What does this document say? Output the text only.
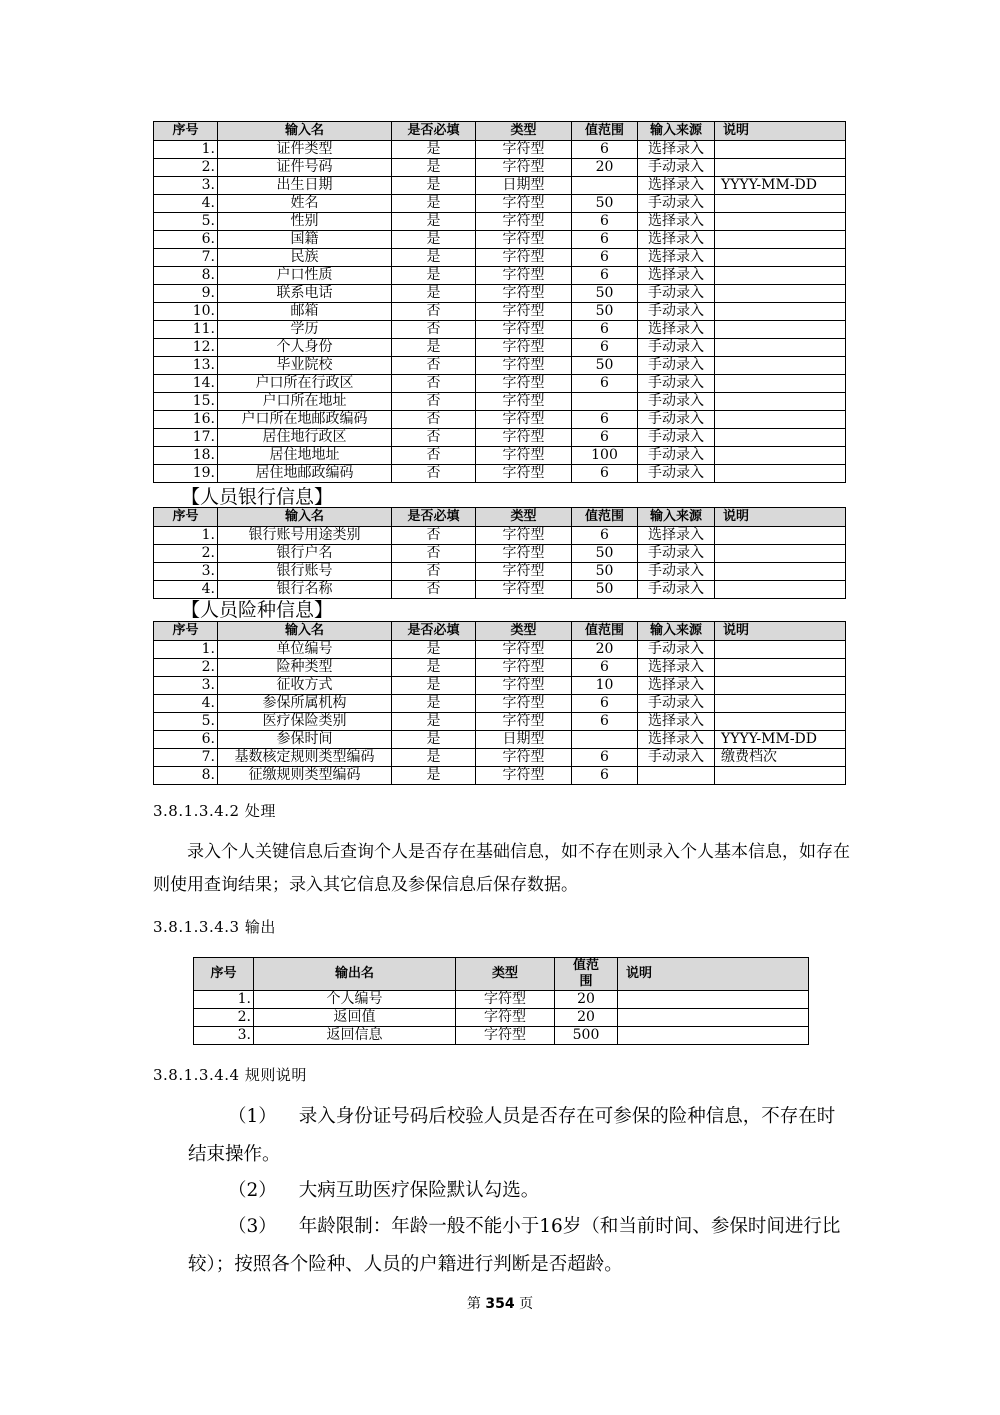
序号	输入名	是否必填	类型	值范围	输入来源	说明
1.	证件类型	是	字符型	6	选择录入	
2.	证件号码	是	字符型	20	手动录入	
3.	出生日期	是	日期型		选择录入	YYYY-MM-DD
4.	姓名	是	字符型	50	手动录入	
5.	性别	是	字符型	6	选择录入	
6.	国籍	是	字符型	6	选择录入	
7.	民族	是	字符型	6	选择录入	
8.	户口性质	是	字符型	6	选择录入	
9.	联系电话	是	字符型	50	手动录入	
10.	邮箱	否	字符型	50	手动录入	
11.	学历	否	字符型	6	选择录入	
12.	个人身份	是	字符型	6	手动录入	
13.	毕业院校	否	字符型	50	手动录入	
14.	户口所在行政区	否	字符型	6	手动录入	
15.	户口所在地址	否	字符型		手动录入	
16.	户口所在地邮政编码	否	字符型	6	手动录入	
17.	居住地行政区	否	字符型	6	手动录入	
18.	居住地地址	否	字符型	100	手动录入	
19.	居住地邮政编码	否	字符型	6	手动录入	
【人员银行信息】
序号	输入名	是否必填	类型	值范围	输入来源	说明
1.	银行账号用途类别	否	字符型	6	选择录入	
2.	银行户名	否	字符型	50	手动录入	
3.	银行账号	否	字符型	50	手动录入	
4.	银行名称	否	字符型	50	手动录入	
【人员险种信息】
序号	输入名	是否必填	类型	值范围	输入来源	说明
1.	单位编号	是	字符型	20	手动录入	
2.	险种类型	是	字符型	6	选择录入	
3.	征收方式	是	字符型	10	选择录入	
4.	参保所属机构	是	字符型	6	手动录入	
5.	医疗保险类别	是	字符型	6	选择录入	
6.	参保时间	是	日期型		选择录入	YYYY-MM-DD
7.	基数核定规则类型编码	是	字符型	6	手动录入	缴费档次
8.	征缴规则类型编码	是	字符型	6		
3.8.1.3.4.2 处理
录入个人关键信息后查询个人是否存在基础信息，如不存在则录入个人基本信息，如存在则使用查询结果；录入其它信息及参保信息后保存数据。
3.8.1.3.4.3 输出
序号	输出名	类型	值范围	说明
1.	个人编号	字符型	20	
2.	返回值	字符型	20	
3.	返回信息	字符型	500	
3.8.1.3.4.4 规则说明
（1） 录入身份证号码后校验人员是否存在可参保的险种信息，不存在时结束操作。
（2） 大病互助医疗保险默认勾选。
（3） 年龄限制：年龄一般不能小于16岁（和当前时间、参保时间进行比较）；按照各个险种、人员的户籍进行判断是否超龄。
第 354 页
